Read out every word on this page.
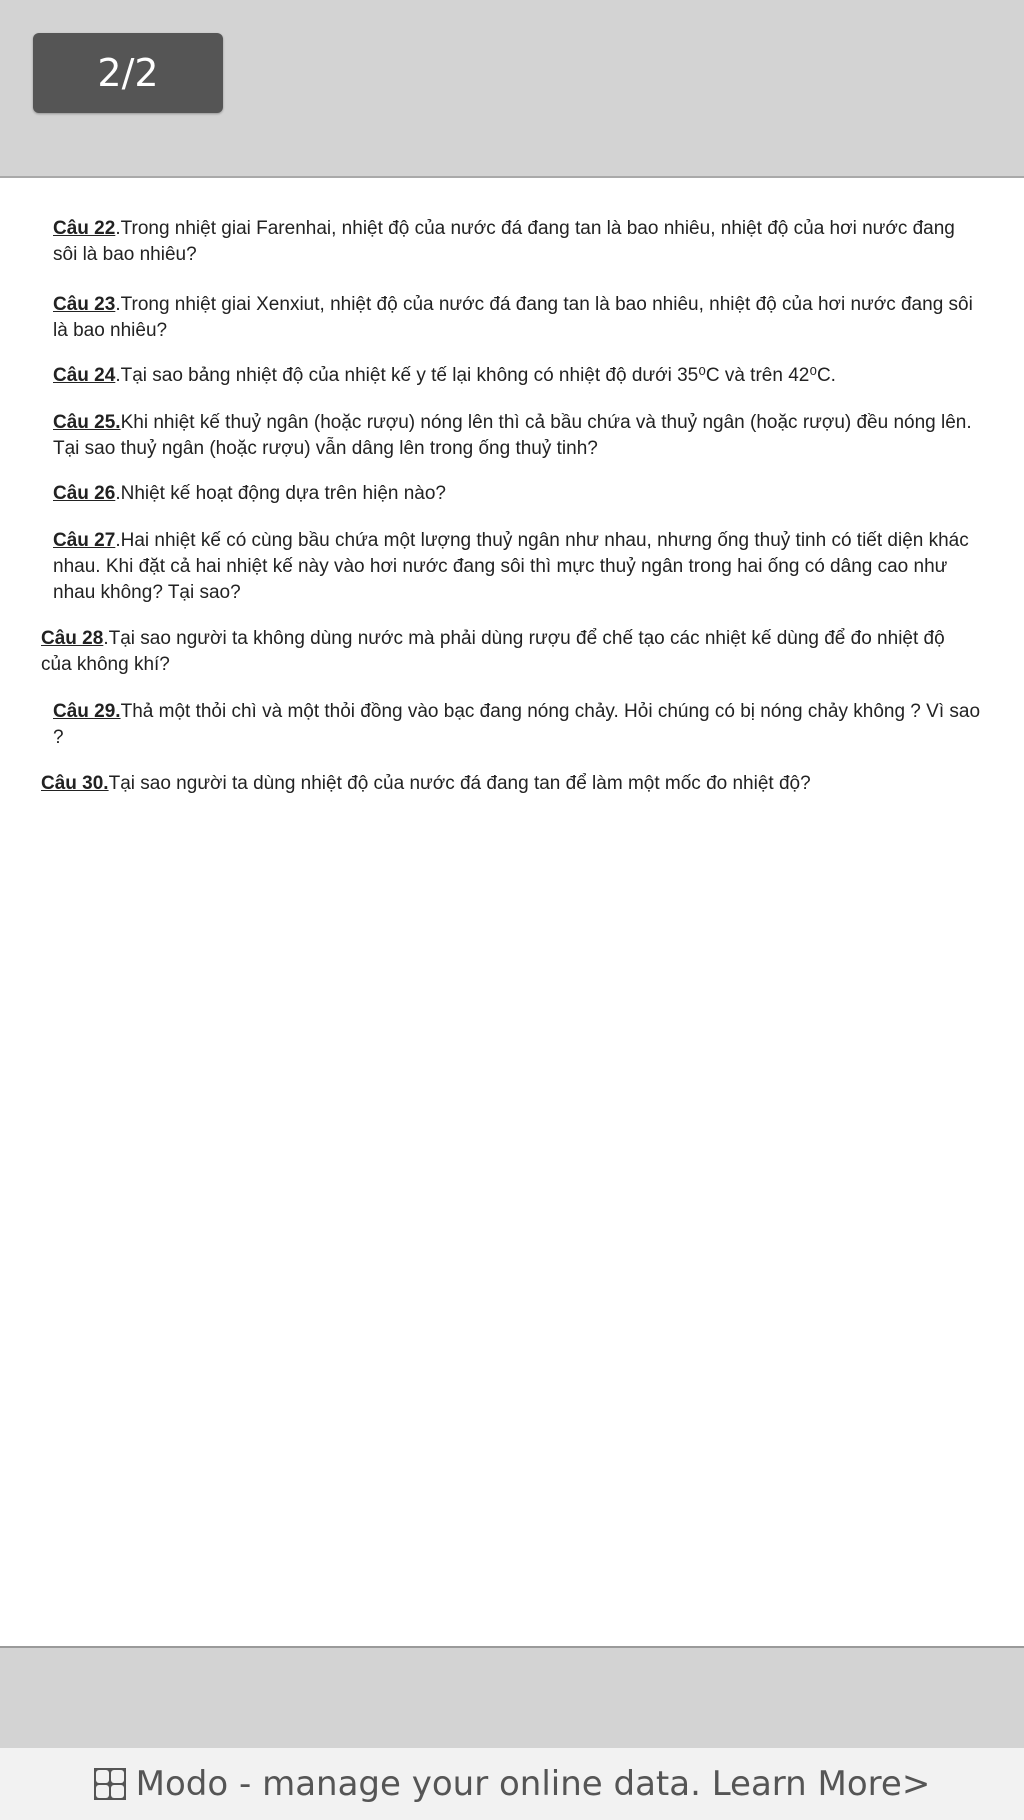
2/2
Câu 22.Trong nhiệt giai Farenhai, nhiệt độ của nước đá đang tan là bao nhiêu, nhiệt độ của hơi nước đang sôi là bao nhiêu?
Câu 23.Trong nhiệt giai Xenxiut, nhiệt độ của nước đá đang tan là bao nhiêu, nhiệt độ của hơi nước đang sôi là bao nhiêu?
Câu 24.Tại sao bảng nhiệt độ của nhiệt kế y tế lại không có nhiệt độ dưới 35⁰C và trên 42⁰C.
Câu 25.Khi nhiệt kế thuỷ ngân (hoặc rượu) nóng lên thì cả bầu chứa và thuỷ ngân (hoặc rượu) đều nóng lên. Tại sao thuỷ ngân (hoặc rượu) vẫn dâng lên trong ống thuỷ tinh?
Câu 26.Nhiệt kế hoạt động dựa trên hiện nào?
Câu 27.Hai nhiệt kế có cùng bầu chứa một lượng thuỷ ngân như nhau, nhưng ống thuỷ tinh có tiết diện khác nhau. Khi đặt cả hai nhiệt kế này vào hơi nước đang sôi thì mực thuỷ ngân trong hai ống có dâng cao như nhau không? Tại sao?
Câu 28.Tại sao người ta không dùng nước mà phải dùng rượu để chế tạo các nhiệt kế dùng để đo nhiệt độ của không khí?
Câu 29.Thả một thỏi chì và một thỏi đồng vào bạc đang nóng chảy. Hỏi chúng có bị nóng chảy không ? Vì sao ?
Câu 30.Tại sao người ta dùng nhiệt độ của nước đá đang tan để làm một mốc đo nhiệt độ?
Modo - manage your online data. Learn More>
